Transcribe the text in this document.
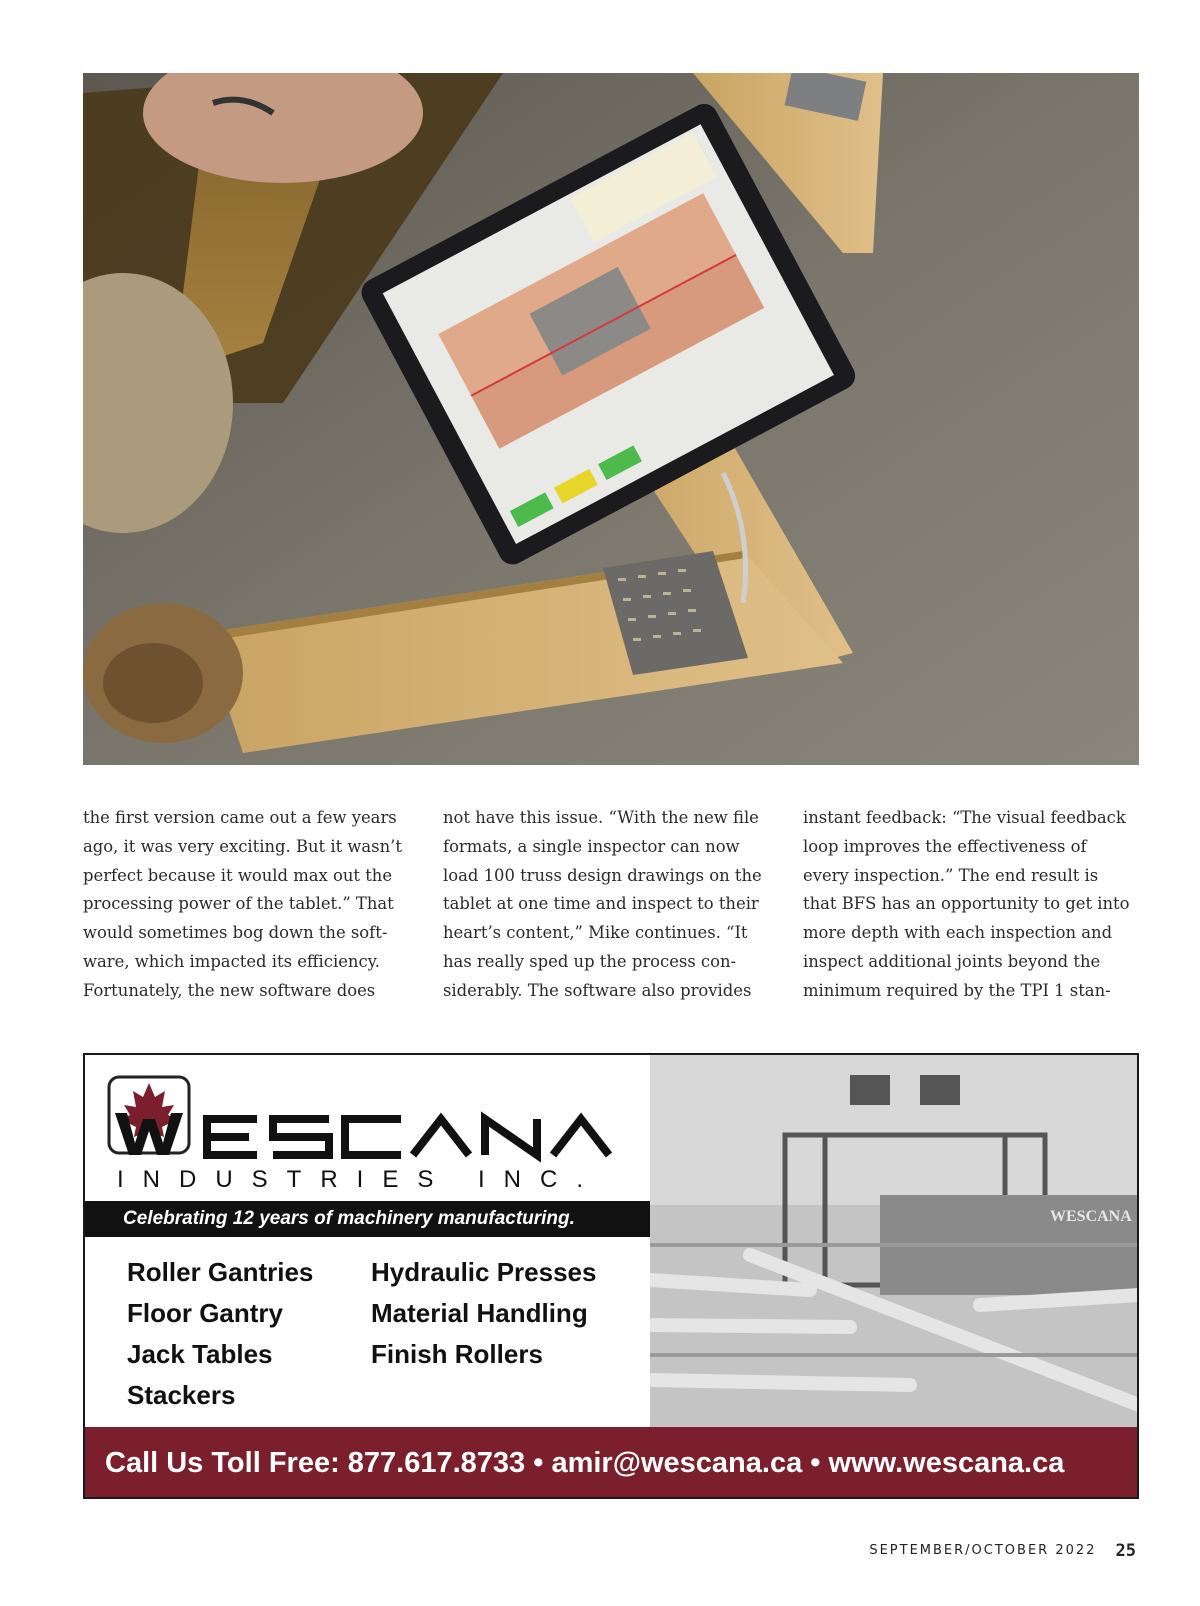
the first version came out a few years
ago, it was very exciting. But it wasn’t
perfect because it would max out the
processing power of the tablet.” That
would sometimes bog down the soft-
ware, which impacted its efficiency.
Fortunately, the new software does
not have this issue. “With the new file
formats, a single inspector can now
load 100 truss design drawings on the
tablet at one time and inspect to their
heart’s content,” Mike continues. “It
has really sped up the process con-
siderably. The software also provides
instant feedback: “The visual feedback
loop improves the effectiveness of
every inspection.” The end result is
that BFS has an opportunity to get into
more depth with each inspection and
inspect additional joints beyond the
minimum required by the TPI 1 stan-
INDUSTRIES INC.
Celebrating 12 years of machinery manufacturing.
Roller Gantries
Floor Gantry
Jack Tables
Stackers
Hydraulic Presses
Material Handling
Finish Rollers
WESCANA
Call Us Toll Free: 877.617.8733 • amir@wescana.ca • www.wescana.ca
SEPTEMBER/OCTOBER 2022 25
